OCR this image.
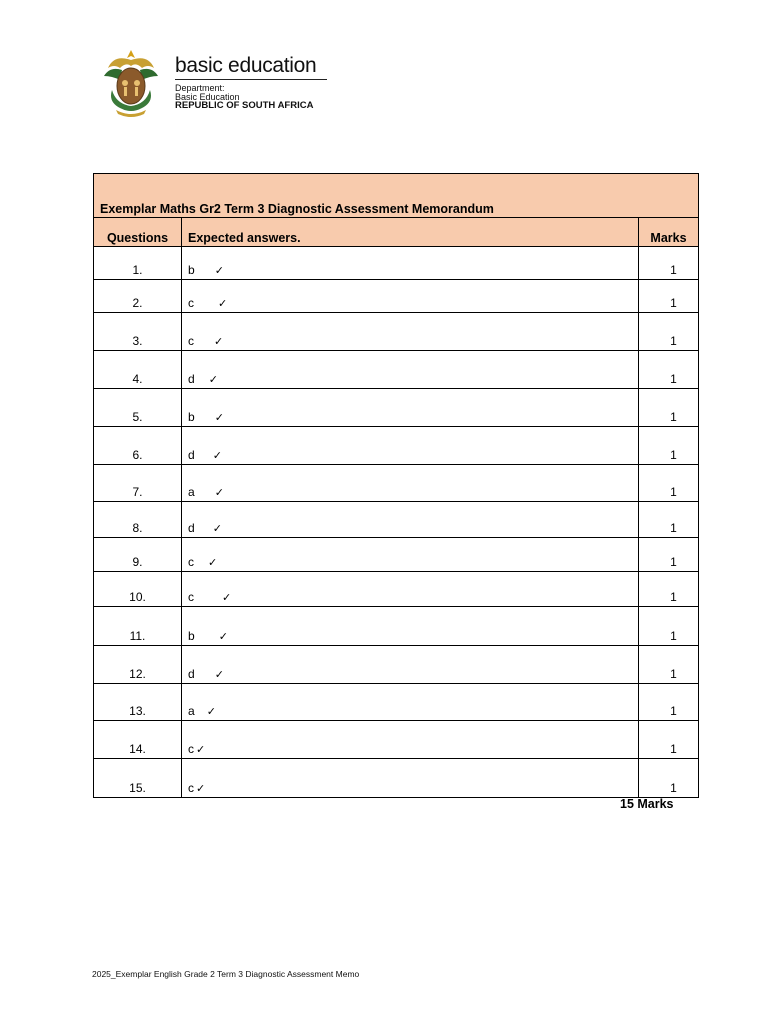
basic education
Department:
Basic Education
REPUBLIC OF SOUTH AFRICA
Exemplar Maths Gr2 Term 3 Diagnostic Assessment Memorandum		
Questions	Expected answers.	Marks
1.	b ✓	1
2.	c ✓	1
3.	c ✓	1
4.	d ✓	1
5.	b ✓	1
6.	d ✓	1
7.	a ✓	1
8.	d ✓	1
9.	c ✓	1
10.	c ✓	1
11.	b ✓	1
12.	d ✓	1
13.	a ✓	1
14.	c ✓	1
15.	c ✓	1
15 Marks
2025_Exemplar English Grade 2 Term 3 Diagnostic Assessment Memo
